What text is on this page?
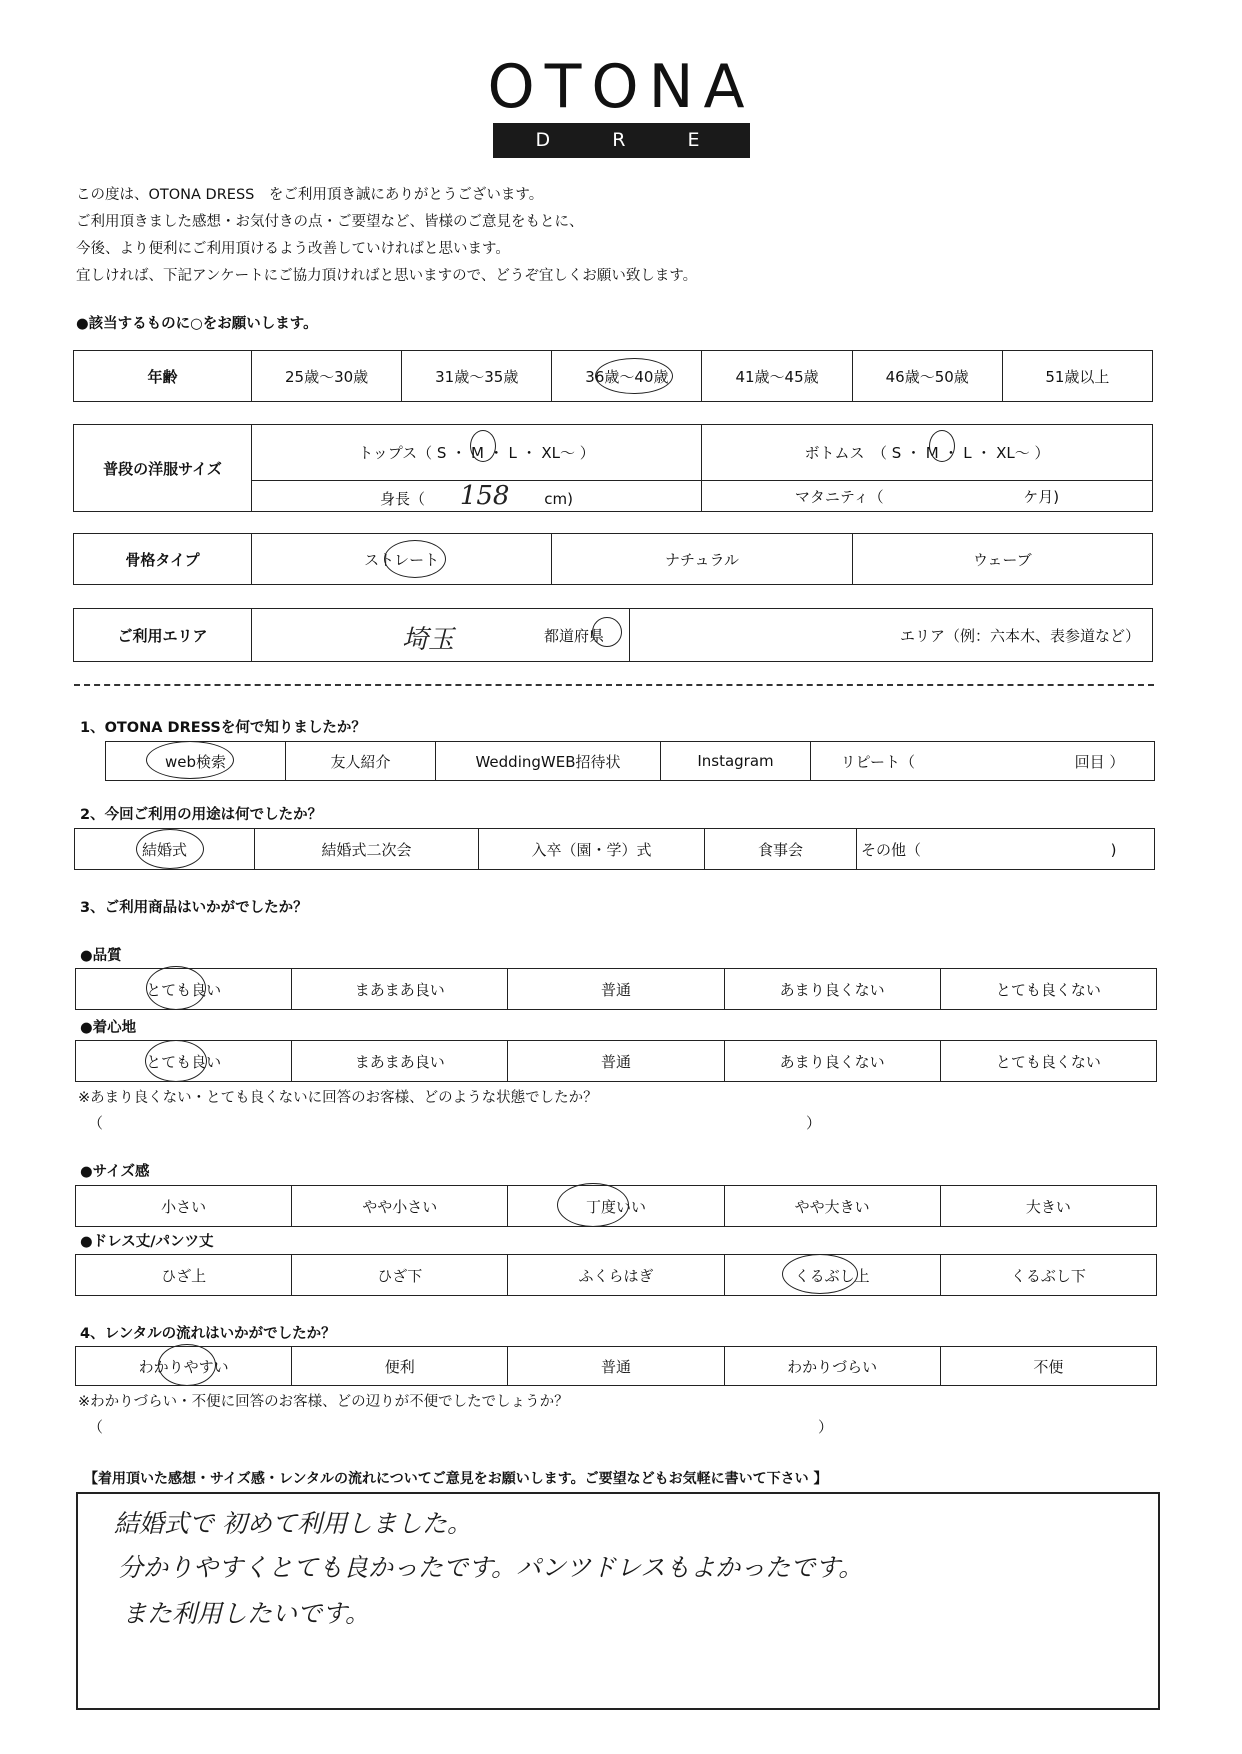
OTONA
D R E S S
この度は、OTONA DRESS　をご利用頂き誠にありがとうございます。
ご利用頂きました感想・お気付きの点・ご要望など、皆様のご意見をもとに、
今後、より便利にご利用頂けるよう改善していければと思います。
宜しければ、下記アンケートにご協力頂ければと思いますので、どうぞ宜しくお願い致します。
●該当するものに○をお願いします。
年齢	25歳〜30歳	31歳〜35歳	36歳〜40歳	41歳〜45歳	46歳〜50歳	51歳以上
普段の洋服サイズ	トップス（ S ・ M ・ L ・ XL〜 ）	ボトムス　（ S ・ M ・ L ・ XL〜 ）
	身長（ 158 cm)	マタニティ（ ケ月)
骨格タイプ	ストレート	ナチュラル	ウェーブ
ご利用エリア	埼玉	都道府県	エリア（例：六本木、表参道など）
1、OTONA DRESSを何で知りましたか？
web検索	友人紹介	WeddingWEB招待状	Instagram	リピート（	回目 ）
2、今回ご利用の用途は何でしたか？
結婚式	結婚式二次会	入卒（園・学）式	食事会	その他（	)
3、ご利用商品はいかがでしたか？
●品質
とても良い	まあまあ良い	普通	あまり良くない	とても良くない
●着心地
とても良い	まあまあ良い	普通	あまり良くない	とても良くない
※あまり良くない・とても良くないに回答のお客様、どのような状態でしたか？
（	）
●サイズ感
小さい	やや小さい	丁度いい	やや大きい	大きい
●ドレス丈/パンツ丈
ひざ上	ひざ下	ふくらはぎ	くるぶし上	くるぶし下
4、レンタルの流れはいかがでしたか？
わかりやすい	便利	普通	わかりづらい	不便
※わかりづらい・不便に回答のお客様、どの辺りが不便でしたでしょうか？
（	）
【着用頂いた感想・サイズ感・レンタルの流れについてご意見をお願いします。ご要望などもお気軽に書いて下さい 】
結婚式で 初めて利用しました。
分かりやすくとても良かったです。パンツドレスもよかったです。
また利用したいです。
